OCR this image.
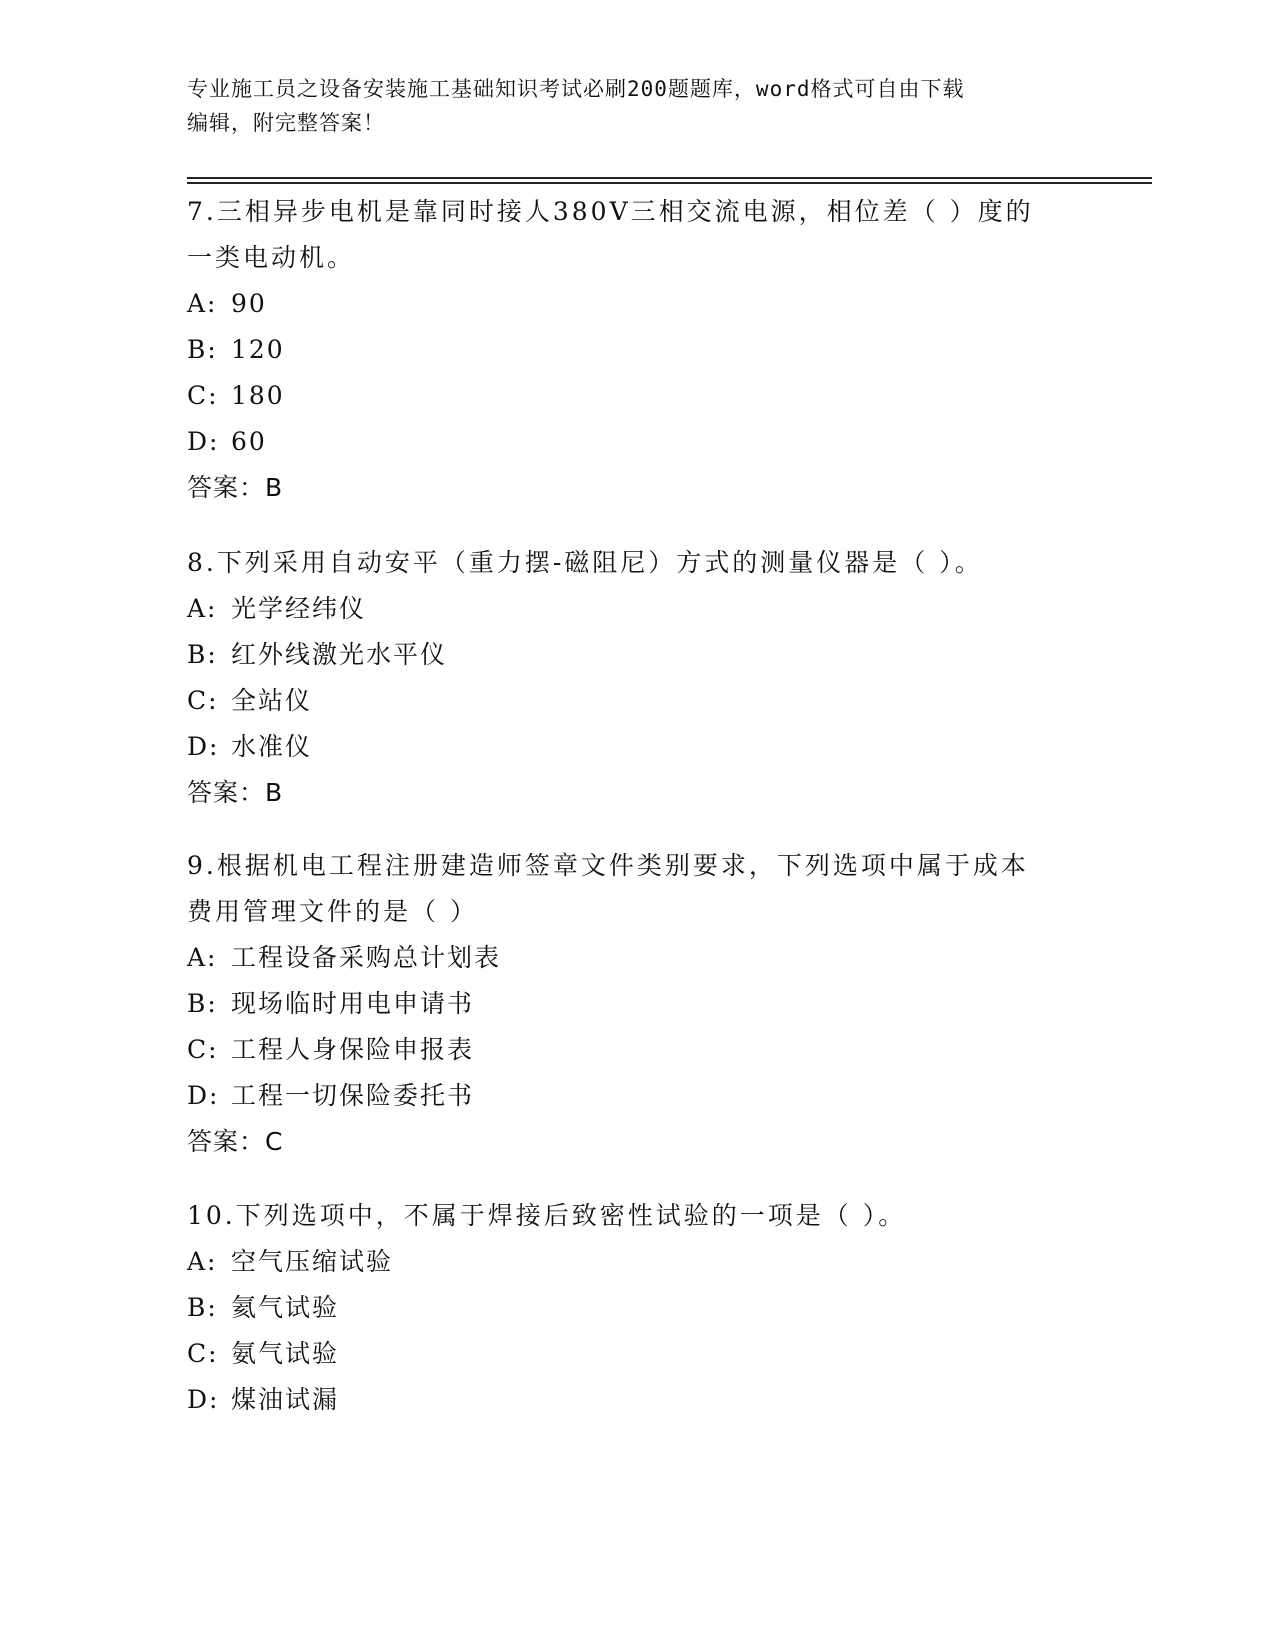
专业施工员之设备安装施工基础知识考试必刷200题题库，word格式可自由下载
编辑，附完整答案！
7.三相异步电机是靠同时接人380V三相交流电源，相位差（ ）度的
一类电动机。
A: 90
B: 120
C: 180
D: 60
答案：B
8.下列采用自动安平（重力摆-磁阻尼）方式的测量仪器是（ ）。
A: 光学经纬仪
B: 红外线激光水平仪
C: 全站仪
D: 水准仪
答案：B
9.根据机电工程注册建造师签章文件类别要求，下列选项中属于成本
费用管理文件的是（ ）
A: 工程设备采购总计划表
B: 现场临时用电申请书
C: 工程人身保险申报表
D: 工程一切保险委托书
答案：C
10.下列选项中，不属于焊接后致密性试验的一项是（ ）。
A: 空气压缩试验
B: 氦气试验
C: 氨气试验
D: 煤油试漏
